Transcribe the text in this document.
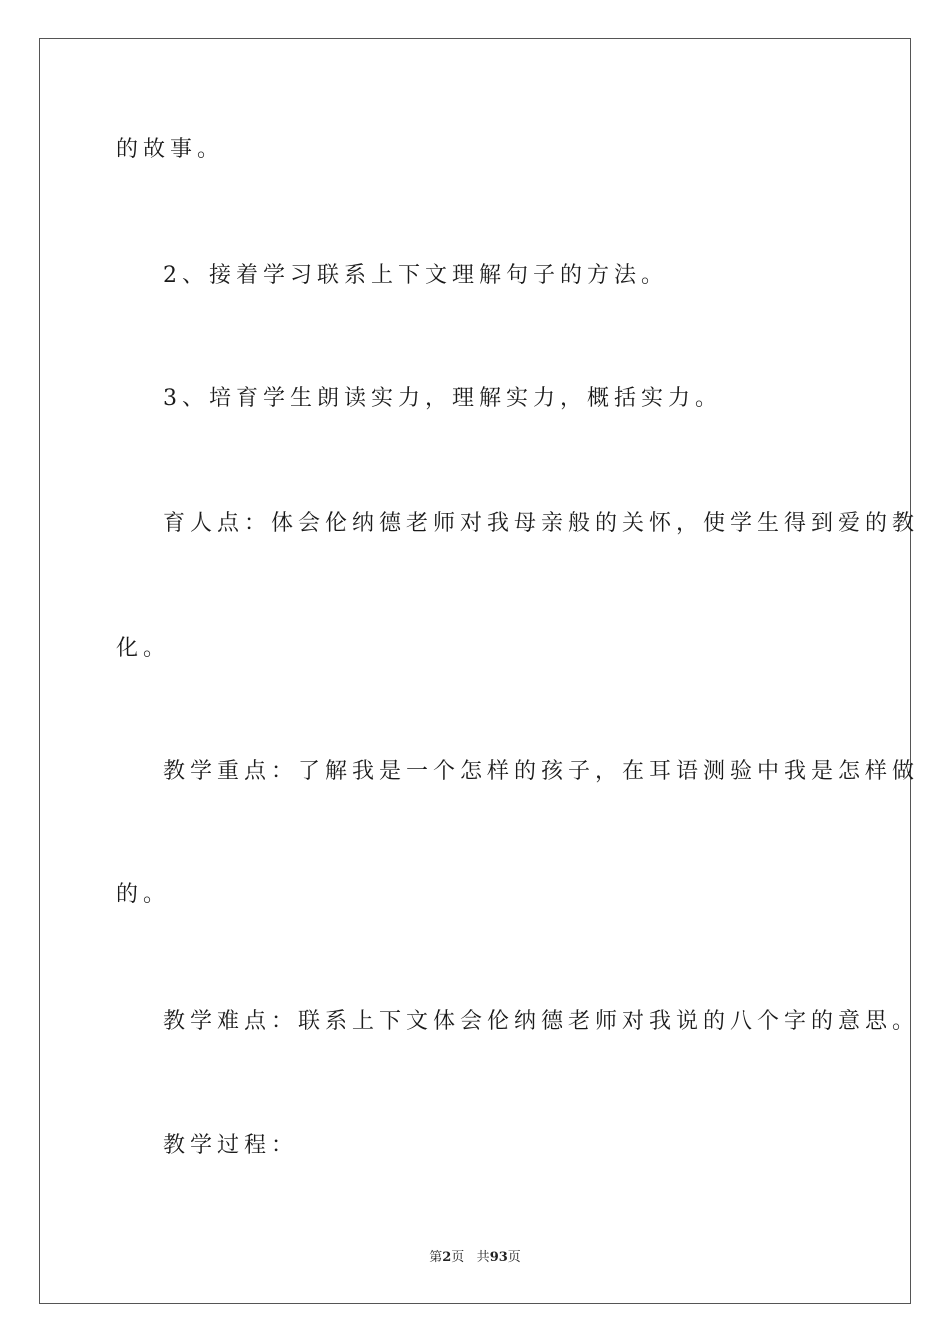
的故事。
2、接着学习联系上下文理解句子的方法。
3、培育学生朗读实力，理解实力，概括实力。
育人点：体会伦纳德老师对我母亲般的关怀，使学生得到爱的教
化。
教学重点：了解我是一个怎样的孩子，在耳语测验中我是怎样做
的。
教学难点：联系上下文体会伦纳德老师对我说的八个字的意思。
教学过程：
第2页 共93页
